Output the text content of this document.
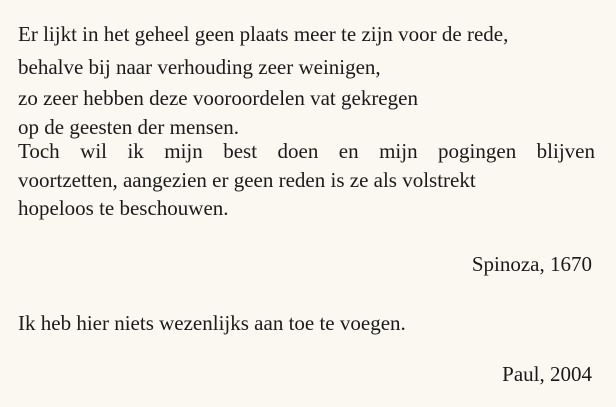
Er lijkt in het geheel geen plaats meer te zijn voor de rede,
behalve bij naar verhouding zeer weinigen,
zo zeer hebben deze vooroordelen vat gekregen
op de geesten der mensen.
Toch wil ik mijn best doen en mijn pogingen blijven
voortzetten, aangezien er geen reden is ze als volstrekt
hopeloos te beschouwen.
Spinoza, 1670
Ik heb hier niets wezenlijks aan toe te voegen.
Paul, 2004
